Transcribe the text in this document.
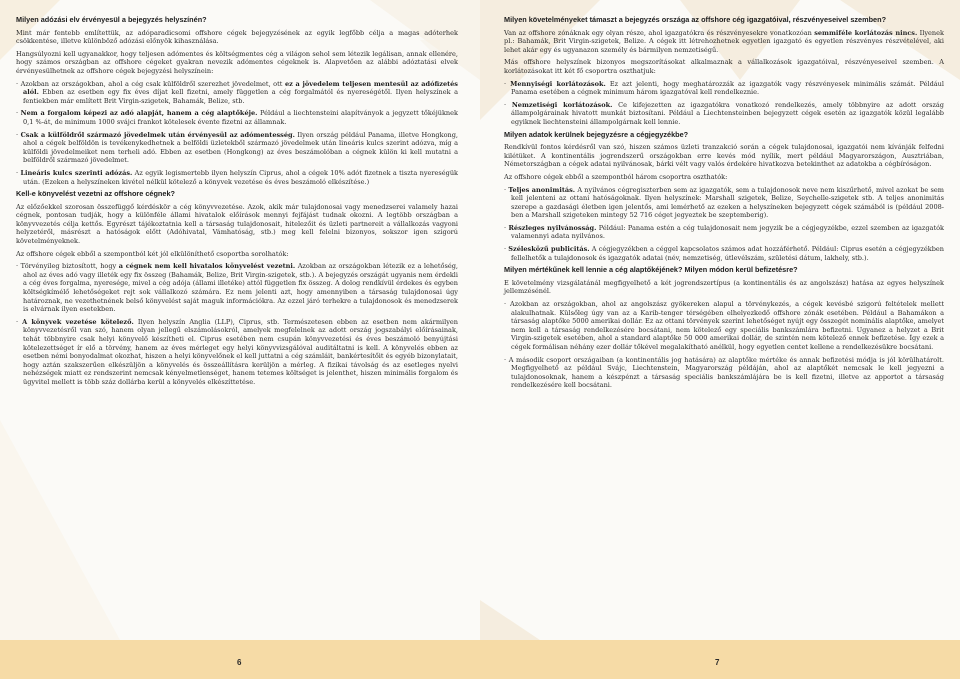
Milyen adózási elv érvényesül a bejegyzés helyszínén?

Mint már fentebb említettük, az adóparadicsomi offshore cégek bejegyzésének az egyik legfőbb célja a magas adóterhek csökkentése, illetve különböző adózási előnyök kihasználása.

Hangsúlyozni kell ugyanakkor, hogy teljesen adómentes és költségmentes cég a világon sehol sem létezik legálisan, annak ellenére, hogy számos országban az offshore cégeket gyakran nevezik adómentes cégeknek is. Alapvetően az alábbi adóztatási elvek érvényesülhetnek az offshore cégek bejegyzési helyszínein:

· Azokban az országokban, ahol a cég csak külföldről szerezhet jövedelmet, ott ez a jövedelem teljesen mentesül az adófizetés alól. Ebben az esetben egy fix éves díjat kell fizetni, amely független a cég forgalmától és nyereségétől. Ilyen helyszínek a fentiekben már említett Brit Virgin-szigetek, Bahamák, Belize, stb.

· Nem a forgalom képezi az adó alapját, hanem a cég alaptőkéje. Például a liechtensteini alapítványok a jegyzett tőkéjüknek 0,1 %-át, de minimum 1000 svájci frankot kötelesek évente fizetni az államnak.

· Csak a külföldről származó jövedelmek után érvényesül az adómentesség. Ilyen ország például Panama, illetve Hongkong, ahol a cégek belföldön is tevékenykedhetnek a belföldi üzletekből származó jövedelmek után lineáris kulcs szerint adózva, míg a külföldi jövedelmeiket nem terheli adó. Ebben az esetben (Hongkong) az éves beszámolóban a cégnek külön ki kell mutatni a belföldről származó jövedelmet.

· Lineáris kulcs szerinti adózás. Az egyik legismertebb ilyen helyszín Ciprus, ahol a cégek 10% adót fizetnek a tiszta nyereségük után. (Ezeken a helyszíneken kivétel nélkül kötelező a könyvek vezetése és éves beszámoló elkészítése.)

Kell-e könyvelést vezetni az offshore cégnek?

Az előzőekkel szorosan összefüggő kérdéskör a cég könyvvezetése. Azok, akik már tulajdonosai vagy menedzserei valamely hazai cégnek, pontosan tudják, hogy a különféle állami hivatalok előírások mennyi fejfájást tudnak okozni. A legtöbb országban a könyvvezetés célja kettős. Egyrészt tájékoztatnia kell a társaság tulajdonosait, hitelezőit és üzleti partnereit a vállalkozás vagyoni helyzetéről, másrészt a hatóságok előtt (Adóhivatal, Vámhatóság, stb.) meg kell felelni bizonyos, sokszor igen szigorú követelményeknek.

Az offshore cégek ebből a szempontból két jól elkülöníthető csoportba sorolhatók:

· Törvényileg biztosított, hogy a cégnek nem kell hivatalos könyvelést vezetni. Azokban az országokban létezik ez a lehetőség, ahol az éves adó vagy illeték egy fix összeg (Bahamák, Belize, Brit Virgin-szigetek, stb.). A bejegyzés országát ugyanis nem érdekli a cég éves forgalma, nyeresége, mivel a cég adója (állami illetéke) attól független fix összeg. A dolog rendkívül érdekes és egyben költségkímélő lehetőségeket rejt sok vállalkozó számára. Ez nem jelenti azt, hogy amennyiben a társaság tulajdonosai úgy határoznak, ne vezethetnének belső könyvelést saját maguk információkra. Az ezzel járó terhekre a tulajdonosok és menedzserek is elvárnak ilyen esetekben.

· A könyvek vezetése kötelező. Ilyen helyszín Anglia (LLP), Ciprus, stb. Természetesen ebben az esetben nem akármilyen könyvvezetésről van szó, hanem olyan jellegű elszámolásokról, amelyek megfelelnek az adott ország jogszabályi előírásainak, tehát többnyire csak helyi könyvelő készítheti el. Ciprus esetében nem csupán könyvvezetési és éves beszámoló benyújtási kötelezettséget ír elő a törvény, hanem az éves mérleget egy helyi könyvvizsgálóval auditáltatni is kell. A könyvelés ebben az esetben némi bonyodalmat okozhat, hiszen a helyi könyvelőnek el kell juttatni a cég számláit, bankértesítőit és egyéb bizonylatait, hogy aztán szakszerűen elkészüljön a könyvelés és összeállításra kerüljön a mérleg. A fizikai távolság és az esetleges nyelvi nehézségek miatt ez rendszerint nemcsak kényelmetlenséget, hanem tetemes költséget is jelenthet, hiszen minimális forgalom és ügyvitel mellett is több száz dollárba kerül a könyvelés elkészíttetése.

Milyen követelményeket támaszt a bejegyzés országa az offshore cég igazgatóival, részvényeseivel szemben?

Van az offshore zónáknak egy olyan része, ahol igazgatókra és részvényesekre vonatkozóan semmiféle korlátozás nincs. Ilyenek pl.: Bahamák, Brit Virgin-szigetek, Belize. A cégek itt létrehozhetnek egyetlen igazgató és egyetlen részvényes részvételével, aki lehet akár egy és ugyanazon személy és bármilyen nemzetiségű.

Más offshore helyszínek bizonyos megszorításokat alkalmaznak a vállalkozások igazgatóival, részvényeseivel szemben. A korlátozásokat itt két fő csoportra oszthatjuk:

· Mennyiségi korlátozások. Ez azt jelenti, hogy meghatározzák az igazgatók vagy részvényesek minimális számát. Például Panama esetében a cégnek minimum három igazgatóval kell rendelkeznie.

· Nemzetiségi korlátozások. Ce kifejezetten az igazgatókra vonatkozó rendelkezés, amely többnyire az adott ország állampolgárainak hivatott munkát biztosítani. Például a Liechtensteinben bejegyzett cégek esetén az igazgatók közül legalább egyiknek liechtensteini állampolgárnak kell lennie.

Milyen adatok kerülnek bejegyzésre a cégjegyzékbe?

Rendkívül fontos kérdésről van szó, hiszen számos üzleti tranzakció során a cégek tulajdonosai, igazgatói nem kívánják felfedni kilétüket. A kontinentális jogrendszerű országokban erre kevés mód nyílik, mert például Magyarországon, Ausztriában, Németországban a cégek adatai nyilvánosak, bárki vélt vagy valós érdekére hivatkozva betekinthet az adatokba a cégbíróságon.

Az offshore cégek ebből a szempontból három csoportra oszthatók:

· Teljes anonimitás. A nyilvános cégregiszterben sem az igazgatók, sem a tulajdonosok neve nem kiszűrhető, mivel azokat be sem kell jelenteni az ottani hatóságoknak. Ilyen helyszínek: Marshall szigetek, Belize, Seychelle-szigetek stb. A teljes anonimitás szerepe a gazdasági életben igen jelentős, ami lemérhető az ezeken a helyszíneken bejegyzett cégek számából is (például 2008-ben a Marshall szigeteken mintegy 52 716 céget jegyeztek be szeptemberig).

· Részleges nyilvánosság. Például: Panama estén a cég tulajdonosait nem jegyzik be a cégjegyzékbe, ezzel szemben az igazgatók valamennyi adata nyilvános.

· Szélesközű publicitás. A cégjegyzékben a céggel kapcsolatos számos adat hozzáférhető. Például: Ciprus esetén a cégjegyzékben fellelhetők a tulajdonosok és igazgatók adatai (név, nemzetiség, útlevélszám, születési dátum, lakhely, stb.).

Milyen mértékűnek kell lennie a cég alaptőkéjének? Milyen módon kerül befizetésre?

E követelmény vizsgálatánál megfigyelhető a két jogrendszertípus (a kontinentális és az angolszász) hatása az egyes helyszínek jellemzésénél.

· Azokban az országokban, ahol az angolszász gyökereken alapul a törvénykezés, a cégek kevésbé szigorú feltételek mellett alakulhatnak. Külsőleg úgy van az a Karib-tenger térségében elhelyezkedő offshore zónák esetében. Például a Bahamákon a társaság alaptőke 5000 amerikai dollár. Ez az ottani törvények szerint lehetőséget nyújt egy összegét nominális alaptőke, amelyet nem kell a társaság rendelkezésére bocsátani, nem kötelező egy speciális bankszámlára befizetni. Ugyanez a helyzet a Brit Virgin-szigetek esetében, ahol a standard alaptőke 50 000 amerikai dollár, de szintén nem kötelező ennek befizetése. Így ezek a cégek formálisan néhány ezer dollár tőkével megalakítható anélkül, hogy egyetlen centet kellene a rendelkezésükre bocsátani.

· A második csoport országaiban (a kontinentális jog hatására) az alaptőke mértéke és annak befizetési módja is jól körülhatárolt. Megfigyelhető az például Svájc, Liechtenstein, Magyarország példáján, ahol az alaptőkét nemcsak le kell jegyezni a tulajdonosoknak, hanem a készpénzt a társaság speciális bankszámlájára be is kell fizetni, illetve az apportot a társaság rendelkezésére kell bocsátani.

6	7
